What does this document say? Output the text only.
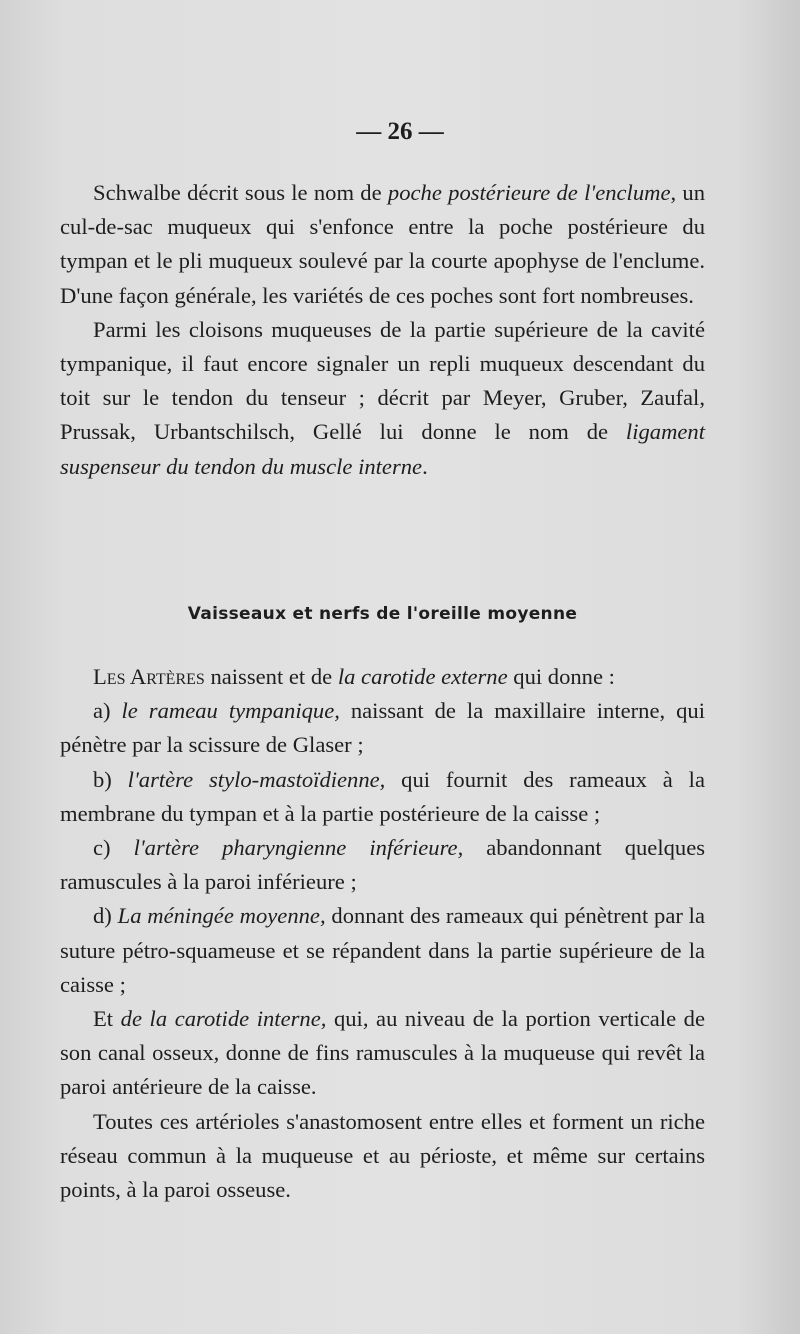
— 26 —

Schwalbe décrit sous le nom de poche postérieure de l'enclume, un cul-de-sac muqueux qui s'enfonce entre la poche postérieure du tympan et le pli muqueux soulevé par la courte apophyse de l'enclume. D'une façon générale, les variétés de ces poches sont fort nombreuses.

Parmi les cloisons muqueuses de la partie supérieure de la cavité tympanique, il faut encore signaler un repli muqueux descendant du toit sur le tendon du tenseur ; décrit par Meyer, Gruber, Zaufal, Prussak, Urbantschilsch, Gellé lui donne le nom de ligament suspenseur du tendon du muscle interne.

Vaisseaux et nerfs de l'oreille moyenne

Les Artères naissent et de la carotide externe qui donne :

a) le rameau tympanique, naissant de la maxillaire interne, qui pénètre par la scissure de Glaser ;

b) l'artère stylo-mastoïdienne, qui fournit des rameaux à la membrane du tympan et à la partie postérieure de la caisse ;

c) l'artère pharyngienne inférieure, abandonnant quelques ramuscules à la paroi inférieure ;

d) La méningée moyenne, donnant des rameaux qui pénètrent par la suture pétro-squameuse et se répandent dans la partie supérieure de la caisse ;

Et de la carotide interne, qui, au niveau de la portion verticale de son canal osseux, donne de fins ramuscules à la muqueuse qui revêt la paroi antérieure de la caisse.

Toutes ces artérioles s'anastomosent entre elles et forment un riche réseau commun à la muqueuse et au périoste, et même sur certains points, à la paroi osseuse.
